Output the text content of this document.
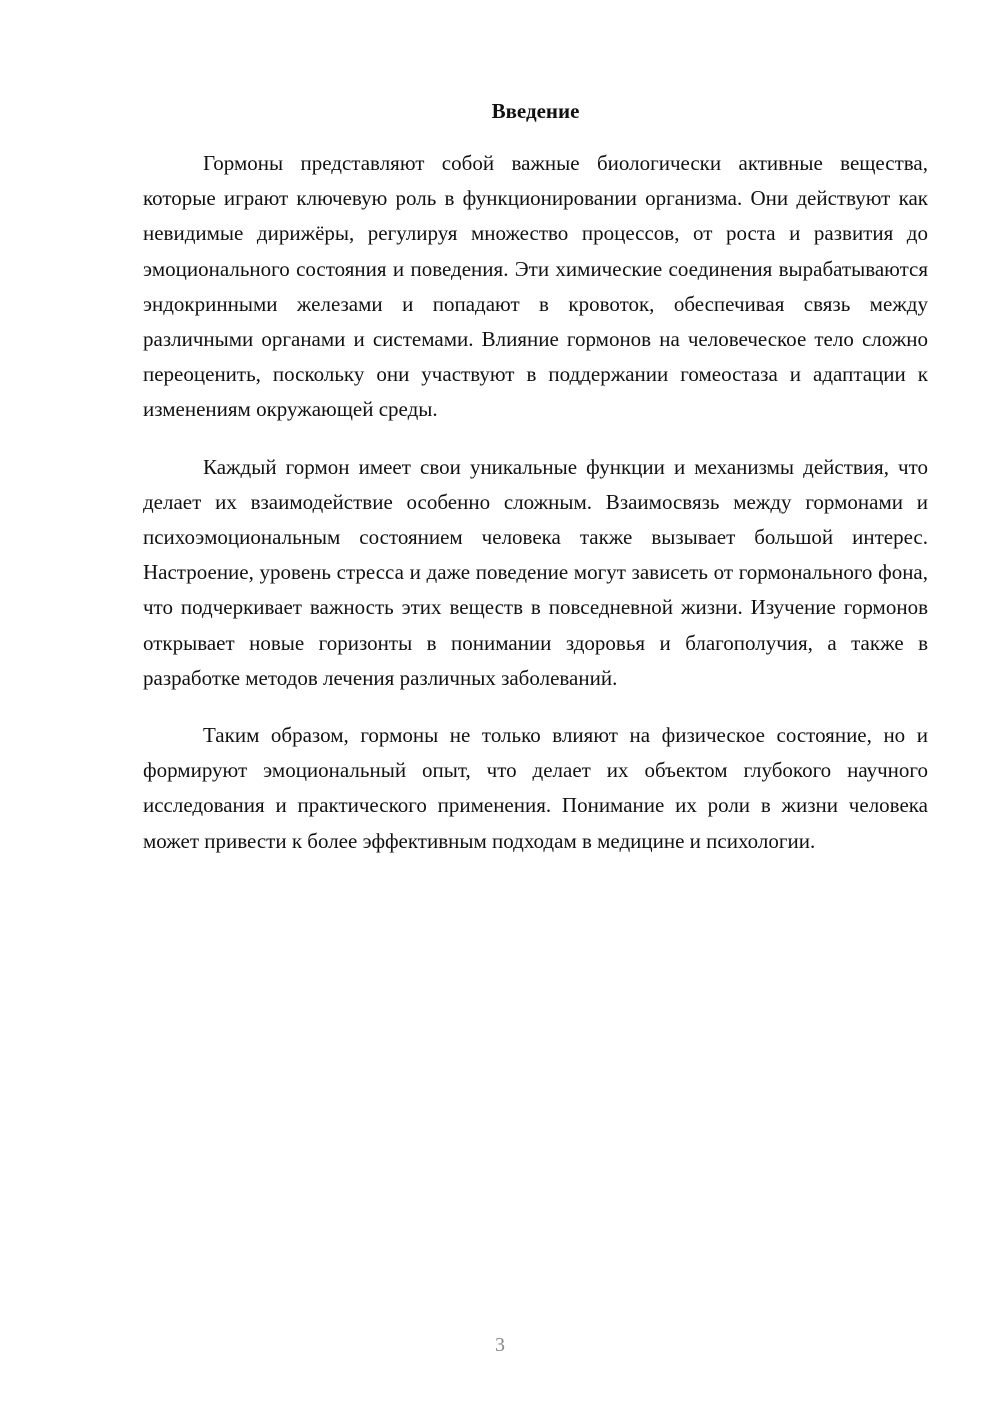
Введение

Гормоны представляют собой важные биологически активные вещества, которые играют ключевую роль в функционировании организма. Они действуют как невидимые дирижёры, регулируя множество процессов, от роста и развития до эмоционального состояния и поведения. Эти химические соединения вырабатываются эндокринными железами и попадают в кровоток, обеспечивая связь между различными органами и системами. Влияние гормонов на человеческое тело сложно переоценить, поскольку они участвуют в поддержании гомеостаза и адаптации к изменениям окружающей среды.

Каждый гормон имеет свои уникальные функции и механизмы действия, что делает их взаимодействие особенно сложным. Взаимосвязь между гормонами и психоэмоциональным состоянием человека также вызывает большой интерес. Настроение, уровень стресса и даже поведение могут зависеть от гормонального фона, что подчеркивает важность этих веществ в повседневной жизни. Изучение гормонов открывает новые горизонты в понимании здоровья и благополучия, а также в разработке методов лечения различных заболеваний.

Таким образом, гормоны не только влияют на физическое состояние, но и формируют эмоциональный опыт, что делает их объектом глубокого научного исследования и практического применения. Понимание их роли в жизни человека может привести к более эффективным подходам в медицине и психологии.

3
